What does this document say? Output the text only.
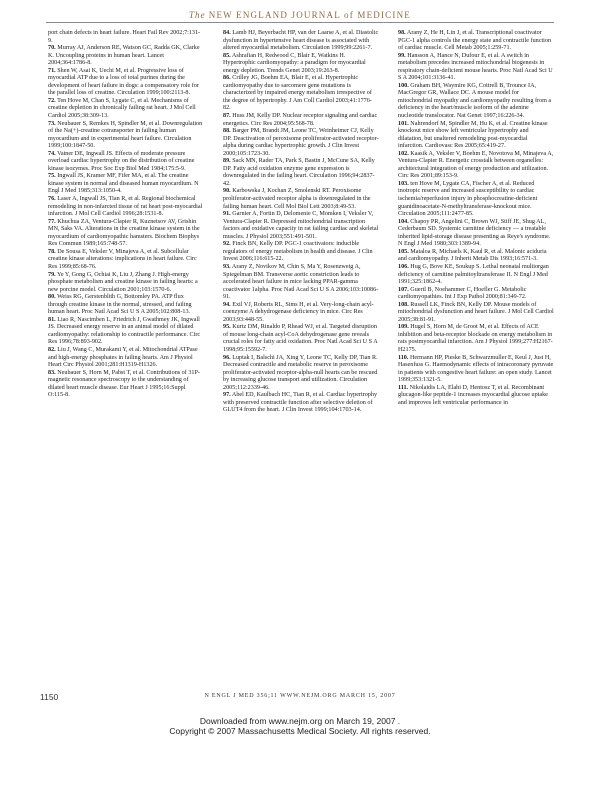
The NEW ENGLAND JOURNAL of MEDICINE

port chain defects in heart failure. Heart Fail Rev 2002;7:131-9.

70. Murray AJ, Anderson RE, Watson GC, Radda GK, Clarke K. Uncoupling proteins in human heart. Lancet 2004;364:1786-8.

71. Shen W, Asai K, Uechi M, et al. Progressive loss of myocardial ATP due to a loss of total purines during the development of heart failure in dogs: a compensatory role for the parallel loss of creatine. Circulation 1999;100:2113-8.

72. Ten Hove M, Chan S, Lygate C, et al. Mechanisms of creatine depletion in chronically failing rat heart. J Mol Cell Cardiol 2005;38:309-13.

73. Neubauer S, Remkes H, Spindler M, et al. Downregulation of the Na(+)-creatine cotransporter in failing human myocardium and in experimental heart failure. Circulation 1999;100:1847-50.

74. Vatner DE, Ingwall JS. Effects of moderate pressure overload cardiac hypertrophy on the distribution of creatine kinase isozymes. Proc Soc Exp Biol Med 1984;175:5-9.

75. Ingwall JS, Kramer MF, Fifer MA, et al. The creatine kinase system in normal and diseased human myocardium. N Engl J Med 1985;313:1050-4.

76. Laser A, Ingwall JS, Tian R, et al. Regional biochemical remodeling in non-infarcted tissue of rat heart post-myocardial infarction. J Mol Cell Cardiol 1996;28:1531-8.

77. Khuchua ZA, Ventura-Clapier R, Kuznetsov AV, Grishin MN, Saks VA. Alterations in the creatine kinase system in the myocardium of cardiomyopathic hamsters. Biochem Biophys Res Commun 1989;165:748-57.

78. De Sousa E, Veksler V, Minajeva A, et al. Subcellular creatine kinase alterations: implications in heart failure. Circ Res 1999;85:68-76.

79. Ye Y, Gong G, Ochiai K, Liu J, Zhang J. High-energy phosphate metabolism and creatine kinase in failing hearts: a new porcine model. Circulation 2001;103:1570-6.

80. Weiss RG, Gerstenblith G, Bottomley PA. ATP flux through creatine kinase in the normal, stressed, and failing human heart. Proc Natl Acad Sci U S A 2005;102:808-13.

81. Liao R, Nascimben L, Friedrich J, Gwathmey JK, Ingwall JS. Decreased energy reserve in an animal model of dilated cardiomyopathy: relationship to contractile performance. Circ Res 1996;78:893-902.

82. Liu J, Wang C, Murakami Y, et al. Mitochondrial ATPase and high-energy phosphates in failing hearts. Am J Physiol Heart Circ Physiol 2001;281:H1319-H1326.

83. Neubauer S, Horn M, Pabst T, et al. Contributions of 31P-magnetic resonance spectroscopy to the understanding of dilated heart muscle disease. Eur Heart J 1995;16:Suppl O:115-8.

84. Lamb HJ, Beyerbacht HP, van der Laarse A, et al. Diastolic dysfunction in hypertensive heart disease is associated with altered myocardial metabolism. Circulation 1999;99:2261-7.

85. Ashrafian H, Redwood C, Blair E, Watkins H. Hypertrophic cardiomyopathy: a paradigm for myocardial energy depletion. Trends Genet 2003;19:263-8.

86. Crilley JG, Boehm EA, Blair E, et al. Hypertrophic cardiomyopathy due to sarcomere gene mutations is characterized by impaired energy metabolism irrespective of the degree of hypertrophy. J Am Coll Cardiol 2003;41:1776-82.

87. Huss JM, Kelly DP. Nuclear receptor signaling and cardiac energetics. Circ Res 2004;95:568-78.

88. Barger PM, Brandt JM, Leone TC, Weinheimer CJ, Kelly DP. Deactivation of peroxisome proliferator-activated receptor-alpha during cardiac hypertrophic growth. J Clin Invest 2000;105:1723-30.

89. Sack MN, Rader TA, Park S, Bastin J, McCune SA, Kelly DP. Fatty acid oxidation enzyme gene expression is downregulated in the failing heart. Circulation 1996;94:2837-42.

90. Karbowska J, Kochan Z, Smolenski RT. Peroxisome proliferator-activated receptor alpha is downregulated in the failing human heart. Cell Mol Biol Lett 2003;8:49-53.

91. Garnier A, Fortin D, Delomenie C, Momken I, Veksler V, Ventura-Clapier R. Depressed mitochondrial transcription factors and oxidative capacity in rat failing cardiac and skeletal muscles. J Physiol 2003;551:491-501.

92. Finck BN, Kelly DP. PGC-1 coactivators: inducible regulators of energy metabolism in health and disease. J Clin Invest 2006;116:615-22.

93. Arany Z, Novikov M, Chin S, Ma Y, Rosenzweig A, Spiegelman BM. Transverse aortic constriction leads to accelerated heart failure in mice lacking PPAR-gamma coactivator 1alpha. Proc Natl Acad Sci U S A 2006;103:10086-91.

94. Exil VJ, Roberts RL, Sims H, et al. Very-long-chain acyl-coenzyme A dehydrogenase deficiency in mice. Circ Res 2003;93:448-55.

95. Kurtz DM, Rinaldo P, Rhead WJ, et al. Targeted disruption of mouse long-chain acyl-CoA dehydrogenase gene reveals crucial roles for fatty acid oxidation. Proc Natl Acad Sci U S A 1998;95:15592-7.

96. Luptak I, Balschi JA, Xing Y, Leone TC, Kelly DP, Tian R. Decreased contractile and metabolic reserve in peroxisome proliferator-activated receptor-alpha-null hearts can be rescued by increasing glucose transport and utilization. Circulation 2005;112:2339-46.

97. Abel ED, Kaulbach HC, Tian R, et al. Cardiac hypertrophy with preserved contractile function after selective deletion of GLUT4 from the heart. J Clin Invest 1999;104:1703-14.

98. Arany Z, He H, Lin J, et al. Transcriptional coactivator PGC-1 alpha controls the energy state and contractile function of cardiac muscle. Cell Metab 2005;1:259-71.

99. Hansson A, Hance N, Dufour E, et al. A switch in metabolism precedes increased mitochondrial biogenesis in respiratory chain-deficient mouse hearts. Proc Natl Acad Sci U S A 2004;101:3136-41.

100. Graham BH, Waymire KG, Cottrell B, Trounce IA, MacGregor GR, Wallace DC. A mouse model for mitochondrial myopathy and cardiomyopathy resulting from a deficiency in the heart/muscle isoform of the adenine nucleotide translocator. Nat Genet 1997;16:226-34.

101. Nahrendorf M, Spindler M, Hu K, et al. Creatine kinase knockout mice show left ventricular hypertrophy and dilatation, but unaltered remodeling post-myocardial infarction. Cardiovasc Res 2005;65:419-27.

102. Kaasik A, Veksler V, Boehm E, Novotova M, Minajeva A, Ventura-Clapier R. Energetic crosstalk between organelles: architectural integration of energy production and utilization. Circ Res 2001;89:153-9.

103. ten Hove M, Lygate CA, Fischer A, et al. Reduced inotropic reserve and increased susceptibility to cardiac ischemia/reperfusion injury in phosphocreatine-deficient guanidinoacetate-N-methyltransferase-knockout mice. Circulation 2005;111:2477-85.

104. Chapoy PR, Angelini C, Brown WJ, Stiff JE, Shug AL, Cederbaum SD. Systemic carnitine deficiency — a treatable inherited lipid-storage disease presenting as Reye's syndrome. N Engl J Med 1980;303:1389-94.

105. Mataloa R, Michaels K, Kaul R, et al. Malonic aciduria and cardiomyopathy. J Inherit Metab Dis 1993;16:571-3.

106. Hug G, Bove KE, Soukup S. Lethal neonatal multiorgan deficiency of carnitine palmitoyltransferase II. N Engl J Med 1991;325:1862-4.

107. Guertl B, Noehammer C, Hoefler G. Metabolic cardiomyopathies. Int J Exp Pathol 2000;81:349-72.

108. Russell LK, Finck BN, Kelly DP. Mouse models of mitochondrial dysfunction and heart failure. J Mol Cell Cardiol 2005;38:81-91.

109. Hugel S, Horn M, de Groot M, et al. Effects of ACE inhibition and beta-receptor blockade on energy metabolism in rats postmyocardial infarction. Am J Physiol 1999;277:H2167-H2175.

110. Hermann HP, Pieske B, Schwarzmuller E, Keul J, Just H, Hasenfuss G. Haemodynamic effects of intracoronary pyruvate in patients with congestive heart failure: an open study. Lancet 1999;353:1321-5.

111. Nikolaidis LA, Elahi D, Hentosz T, et al. Recombinant glucagon-like peptide-1 increases myocardial glucose uptake and improves left ventricular performance in

1150	N ENGL J MED 356;11 WWW.NEJM.ORG MARCH 15, 2007
Downloaded from www.nejm.org on March 19, 2007 .
Copyright © 2007 Massachusetts Medical Society. All rights reserved.
